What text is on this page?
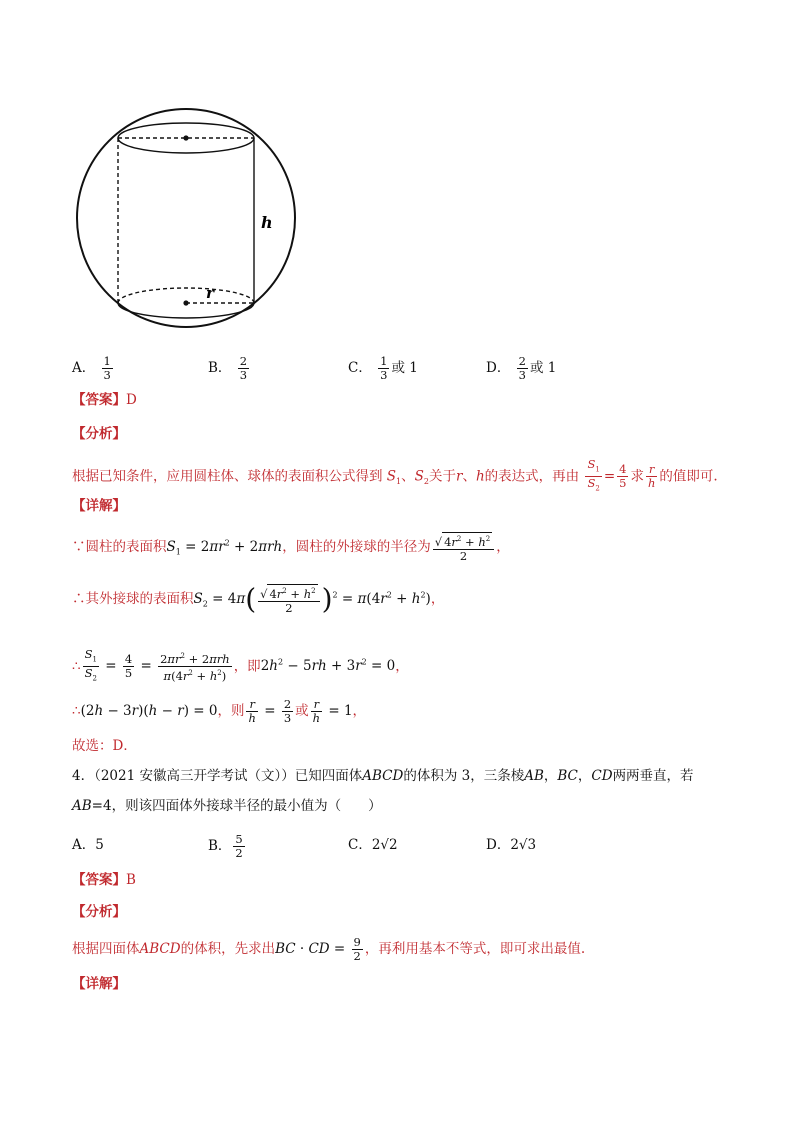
h
r
A． $\frac{1}{3}$	B． $\frac{2}{3}$	C． $\frac{1}{3}$ 或 1	D． $\frac{2}{3}$ 或 1
【答案】D
【分析】
根据已知条件，应用圆柱体、球体的表面积公式得到 $S_1$、$S_2$关于r、h的表达式，再由 $\frac{S_1}{S_2} = \frac{4}{5}$ 求 $\frac{r}{h}$ 的值即可.
【详解】
∵圆柱的表面积$S_1 = 2\pi r^2 + 2\pi rh$，圆柱的外接球的半径为 $\frac{√ 4r^2 + h^2}{2}$ ，
∴其外接球的表面积$S_2 = 4\pi( \frac{√ 4r^2 + h^2}{2} )^2 = \pi(4r^2 + h^2)$，
∴ $\frac{S_1}{S_2} = \frac{4}{5} = \frac{2\pi r^2 + 2\pi rh}{\pi(4r^2 + h^2)}$ ，即$2h^2 - 5rh + 3r^2 = 0$，
∴(2h − 3r)(h − r) = 0，则 $\frac{r}{h} = \frac{2}{3}$ 或 $\frac{r}{h} = 1$，
故选：D．
4．（2021 安徽高三开学考试（文））已知四面体ABCD的体积为 3，三条棱AB，BC，CD两两垂直，若
AB=4，则该四面体外接球半径的最小值为（　　）
A．5	B． $\frac{5}{2}$	C．2√2	D．2√3
【答案】B
【分析】
根据四面体ABCD的体积，先求出BC · CD = $\frac{9}{2}$ ，再利用基本不等式，即可求出最值.
【详解】
